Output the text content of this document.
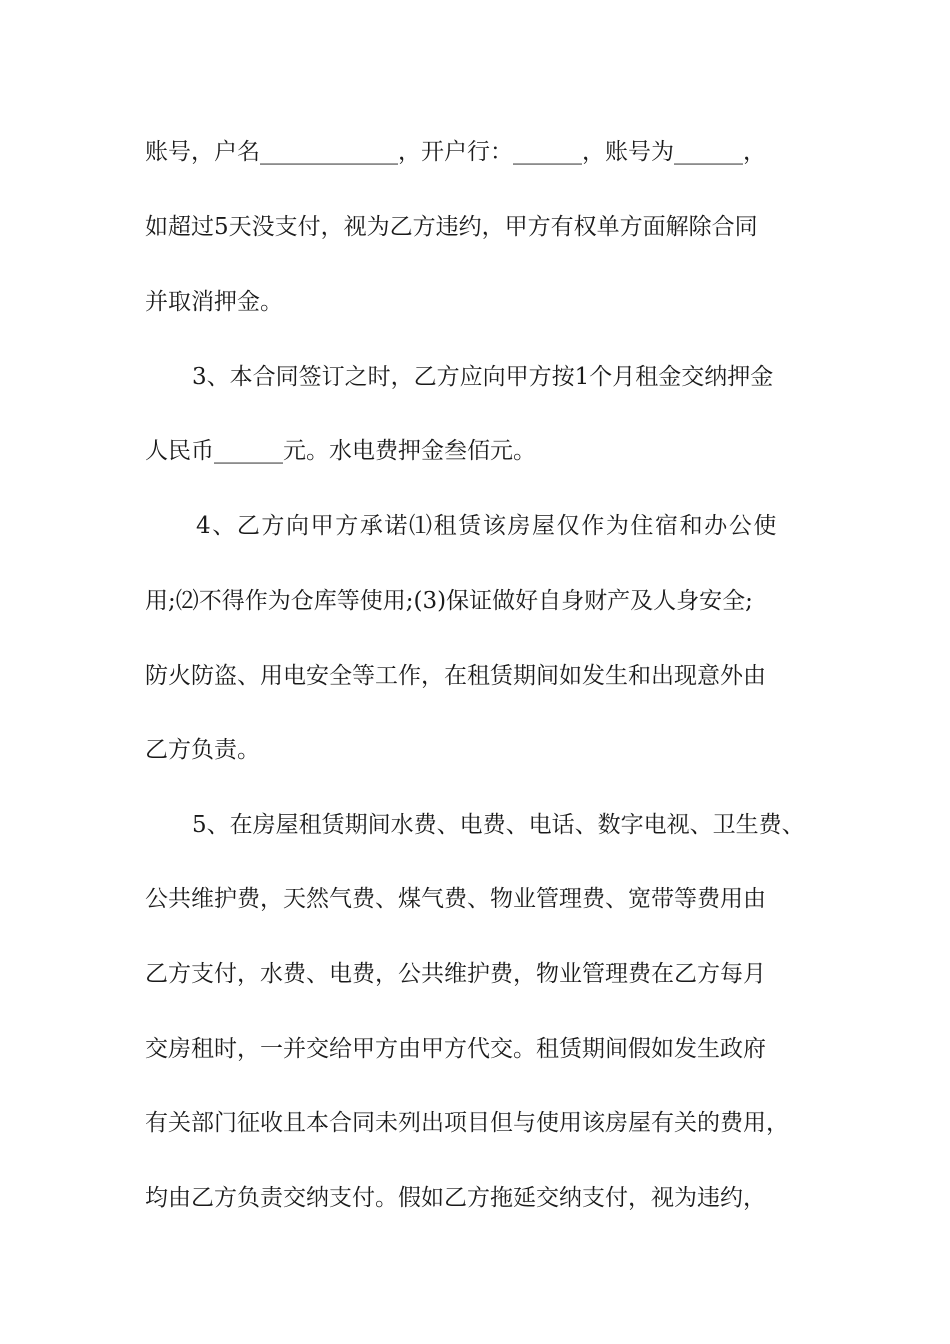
账号，户名____________，开户行：______，账号为______，
如超过5天没支付，视为乙方违约，甲方有权单方面解除合同
并取消押金。
3、本合同签订之时，乙方应向甲方按1个月租金交纳押金
人民币______元。水电费押金叁佰元。
4、乙方向甲方承诺⑴租赁该房屋仅作为住宿和办公使
用;⑵不得作为仓库等使用;(3)保证做好自身财产及人身安全;
防火防盗、用电安全等工作，在租赁期间如发生和出现意外由
乙方负责。
5、在房屋租赁期间水费、电费、电话、数字电视、卫生费、
公共维护费，天然气费、煤气费、物业管理费、宽带等费用由
乙方支付，水费、电费，公共维护费，物业管理费在乙方每月
交房租时，一并交给甲方由甲方代交。租赁期间假如发生政府
有关部门征收且本合同未列出项目但与使用该房屋有关的费用，
均由乙方负责交纳支付。假如乙方拖延交纳支付，视为违约，
